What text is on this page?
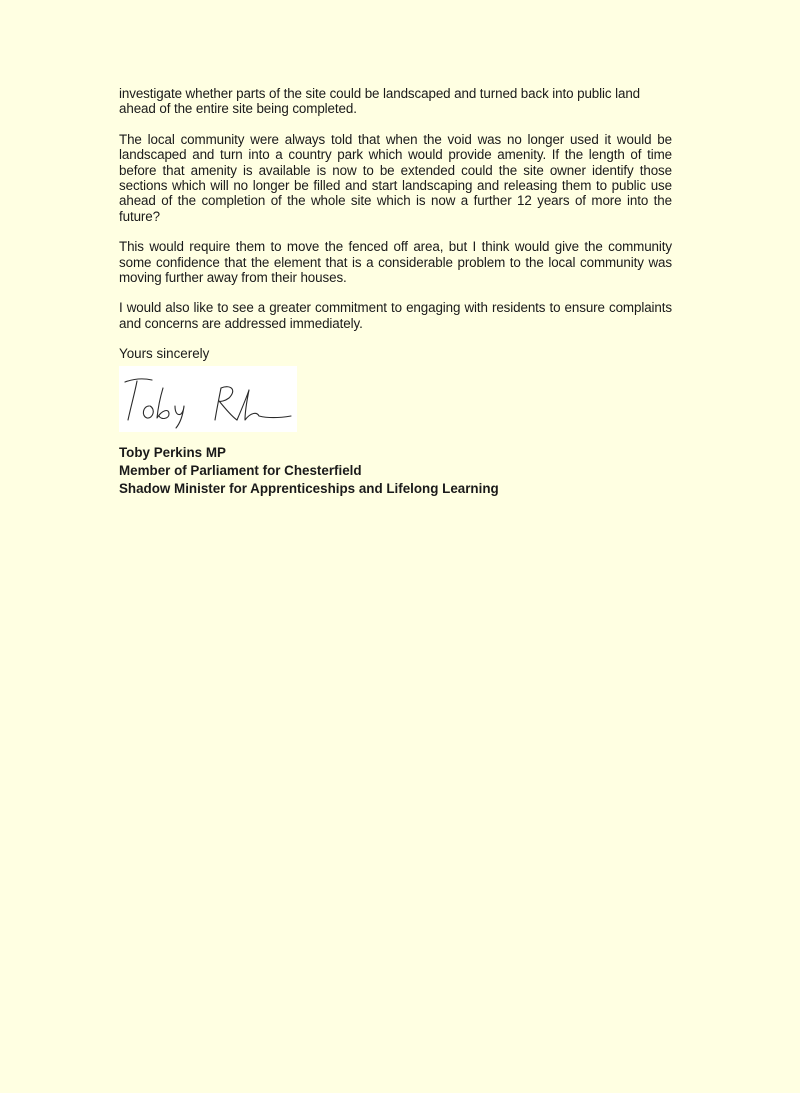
investigate whether parts of the site could be landscaped and turned back into public land ahead of the entire site being completed.

The local community were always told that when the void was no longer used it would be landscaped and turn into a country park which would provide amenity. If the length of time before that amenity is available is now to be extended could the site owner identify those sections which will no longer be filled and start landscaping and releasing them to public use ahead of the completion of the whole site which is now a further 12 years of more into the future?

This would require them to move the fenced off area, but I think would give the community some confidence that the element that is a considerable problem to the local community was moving further away from their houses.

I would also like to see a greater commitment to engaging with residents to ensure complaints and concerns are addressed immediately.

Yours sincerely

Toby Perkins MP
Member of Parliament for Chesterfield
Shadow Minister for Apprenticeships and Lifelong Learning
